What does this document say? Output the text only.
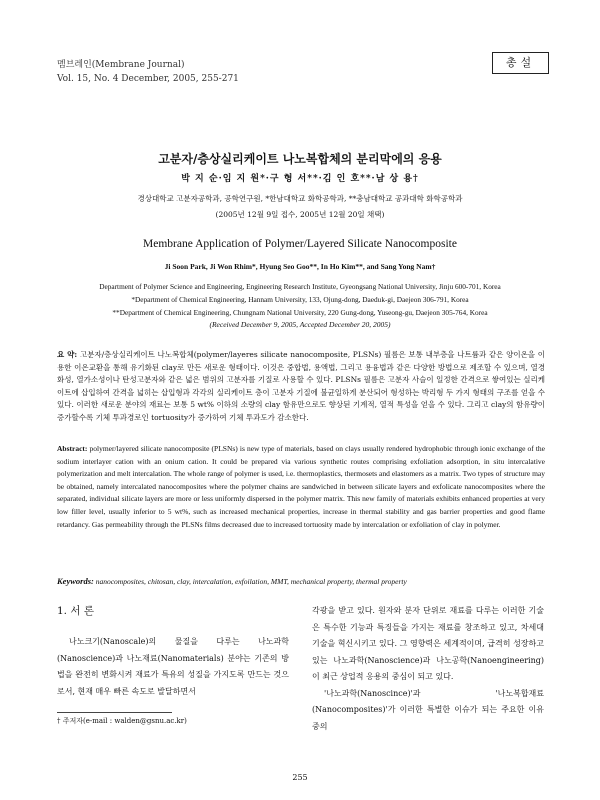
멤브레인(Membrane Journal)
Vol. 15, No. 4 December, 2005, 255-271
총설
고분자/층상실리케이트 나노복합체의 분리막에의 응용
박 지 순·임 지 원*·구 형 서**·김 인 호**·남 상 용†
경상대학교 고분자공학과, 공학연구원, *한남대학교 화학공학과, **충남대학교 공과대학 화학공학과
(2005년 12월 9일 접수, 2005년 12월 20일 채택)
Membrane Application of Polymer/Layered Silicate Nanocomposite
Ji Soon Park, Ji Won Rhim*, Hyung Seo Goo**, In Ho Kim**, and Sang Yong Nam†
Department of Polymer Science and Engineering, Engineering Research Institute, Gyeongsang National University, Jinju 600-701, Korea
*Department of Chemical Engineering, Hannam University, 133, Ojung-dong, Daeduk-gi, Daejeon 306-791, Korea
**Department of Chemical Engineering, Chungnam National University, 220 Gung-dong, Yuseong-gu, Daejeon 305-764, Korea
(Received December 9, 2005, Accepted December 20, 2005)
요 약: 고분자/층상실리케이트 나노복합체(polymer/layeres silicate nanocomposite, PLSNs) 필름은 보통 내부층을 나트륨과 같은 양이온을 이용한 이온교환을 통해 유기화된 clay로 만든 새로운 형태이다. 이것은 중합법, 용액법, 그리고 용융법과 같은 다양한 방법으로 제조할 수 있으며, 열경화성, 열가소성이나 탄성고분자와 같은 넓은 범위의 고분자를 기질로 사용할 수 있다. PLSNs 필름은 고분자 사슬이 일정한 간격으로 쌓여있는 실리케이트에 삽입하여 간격을 넓히는 삽입형과 각각의 실리케이트 층이 고분자 기질에 불균일하게 분산되어 형성하는 박리형 두 가지 형태의 구조를 얻을 수 있다. 이러한 새로운 분야의 재료는 보통 5 wt% 이하의 소량의 clay 함유만으로도 향상된 기계적, 열적 특성을 얻을 수 있다. 그리고 clay의 함유량이 증가할수록 기체 투과경로인 tortuosity가 증가하여 기체 투과도가 감소한다.
Abstract: polymer/layered silicate nanocomposite (PLSNs) is new type of materials, based on clays usually rendered hydrophobic through ionic exchange of the sodium interlayer cation with an onium cation. It could be prepared via various synthetic routes comprising exfoliation adsorption, in situ intercalative polymerization and melt intercalation. The whole range of polymer is used, i.e. thermoplastics, thermosets and elastomers as a matrix. Two types of structure may be obtained, namely intercalated nanocomposites where the polymer chains are sandwiched in between silicate layers and exfolicate nanocomposites where the separated, individual silicate layers are more or less uniformly dispersed in the polymer matrix. This new family of materials exhibits enhanced properties at very low filler level, usually inferior to 5 wt%, such as increased mechanical properties, increase in thermal stability and gas barrier properties and good flame retardancy. Gas permeability through the PLSNs films decreased due to increased tortuosity made by intercalation or exfoliation of clay in polymer.
Keywords: nanocomposites, chitosan, clay, intercalation, exfoilation, MMT, mechanical property, thermal property
1. 서 론

나노크기(Nanoscale)의 물질을 다루는 나노과학(Nanoscience)과 나노재료(Nanomaterials) 분야는 기존의 방법을 완전히 변화시켜 재료가 특유의 성질을 가지도록 만드는 것으로서, 현재 매우 빠른 속도로 발달하면서

각광을 받고 있다. 원자와 분자 단위로 재료를 다루는 이러한 기술은 특수한 기능과 특징들을 가지는 재료를 창조하고 있고, 차세대 기술을 혁신시키고 있다. 그 영향력은 세계적이며, 급격히 성장하고 있는 나노과학(Nanoscience)과 나노공학(Nanoengineering)이 최근 상업적 응용의 중심이 되고 있다.

'나노과학(Nanoscince)'과 '나노복합재료(Nanocomposites)'가 이러한 특별한 이슈가 되는 주요한 이유 중의

† 주저자(e-mail : walden@gsnu.ac.kr)
255
